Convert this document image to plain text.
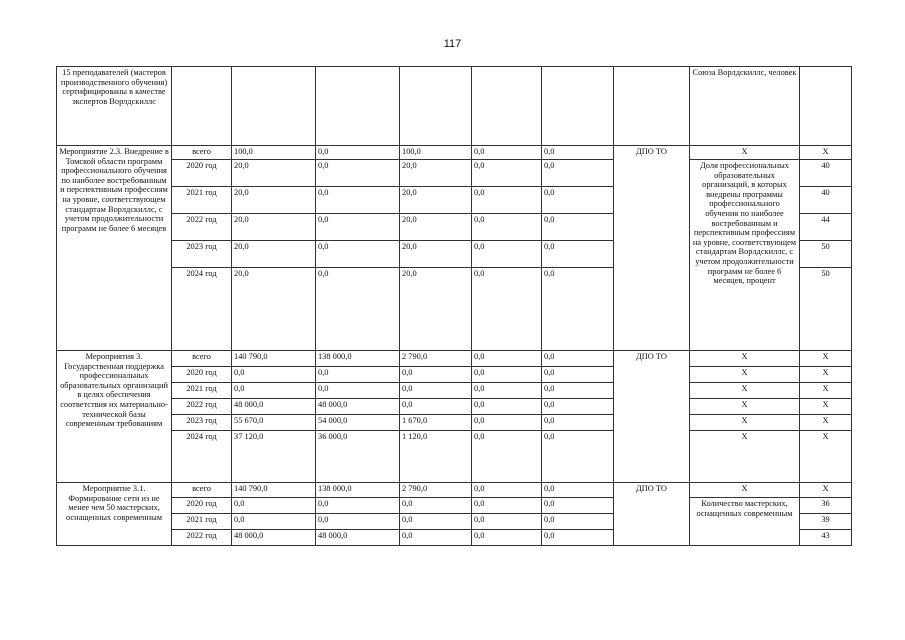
117
15 преподавателей (мастеров производственного обучения) сертифицированы в качестве экспертов Ворлдскиллс								Союза Ворлдскиллс, человек	
Мероприятие 2.3. Внедрение в Томской области программ профессионального обучения по наиболее востребованным и перспективным профессиям на уровне, соответствующем стандартам Ворлдскиллс, с учетом продолжительности программ не более 6 месяцев	всего	100,0	0,0	100,0	0,0	0,0	ДПО ТО	X	X
	2020 год	20,0	0,0	20,0	0,0	0,0		Доля профессиональных образовательных организаций, в которых внедрены программы профессионального обучения по наиболее востребованным и перспективным профессиям на уровне, соответствующем стандартам Ворлдскиллс, с учетом продолжительности программ не более 6 месяцев, процент	40
	2021 год	20,0	0,0	20,0	0,0	0,0			40
	2022 год	20,0	0,0	20,0	0,0	0,0			44
	2023 год	20,0	0,0	20,0	0,0	0,0			50
	2024 год	20,0	0,0	20,0	0,0	0,0			50
Мероприятия 3. Государственная поддержка профессиональных образовательных организаций в целях обеспечения соответствия их материально-технической базы современным требованиям	всего	140 790,0	138 000,0	2 790,0	0,0	0,0	ДПО ТО	X	X
	2020 год	0,0	0,0	0,0	0,0	0,0		X	X
	2021 год	0,0	0,0	0,0	0,0	0,0		X	X
	2022 год	48 000,0	48 000,0	0,0	0,0	0,0		X	X
	2023 год	55 670,0	54 000,0	1 670,0	0,0	0,0		X	X
	2024 год	37 120,0	36 000,0	1 120,0	0,0	0,0		X	X
Мероприятие 3.1. Формирование сети из не менее чем 50 мастерских, оснащенных современным	всего	140 790,0	138 000,0	2 790,0	0,0	0,0	ДПО ТО	X	X
	2020 год	0,0	0,0	0,0	0,0	0,0		Количество мастерских, оснащенных современным	36
	2021 год	0,0	0,0	0,0	0,0	0,0			39
	2022 год	48 000,0	48 000,0	0,0	0,0	0,0			43
